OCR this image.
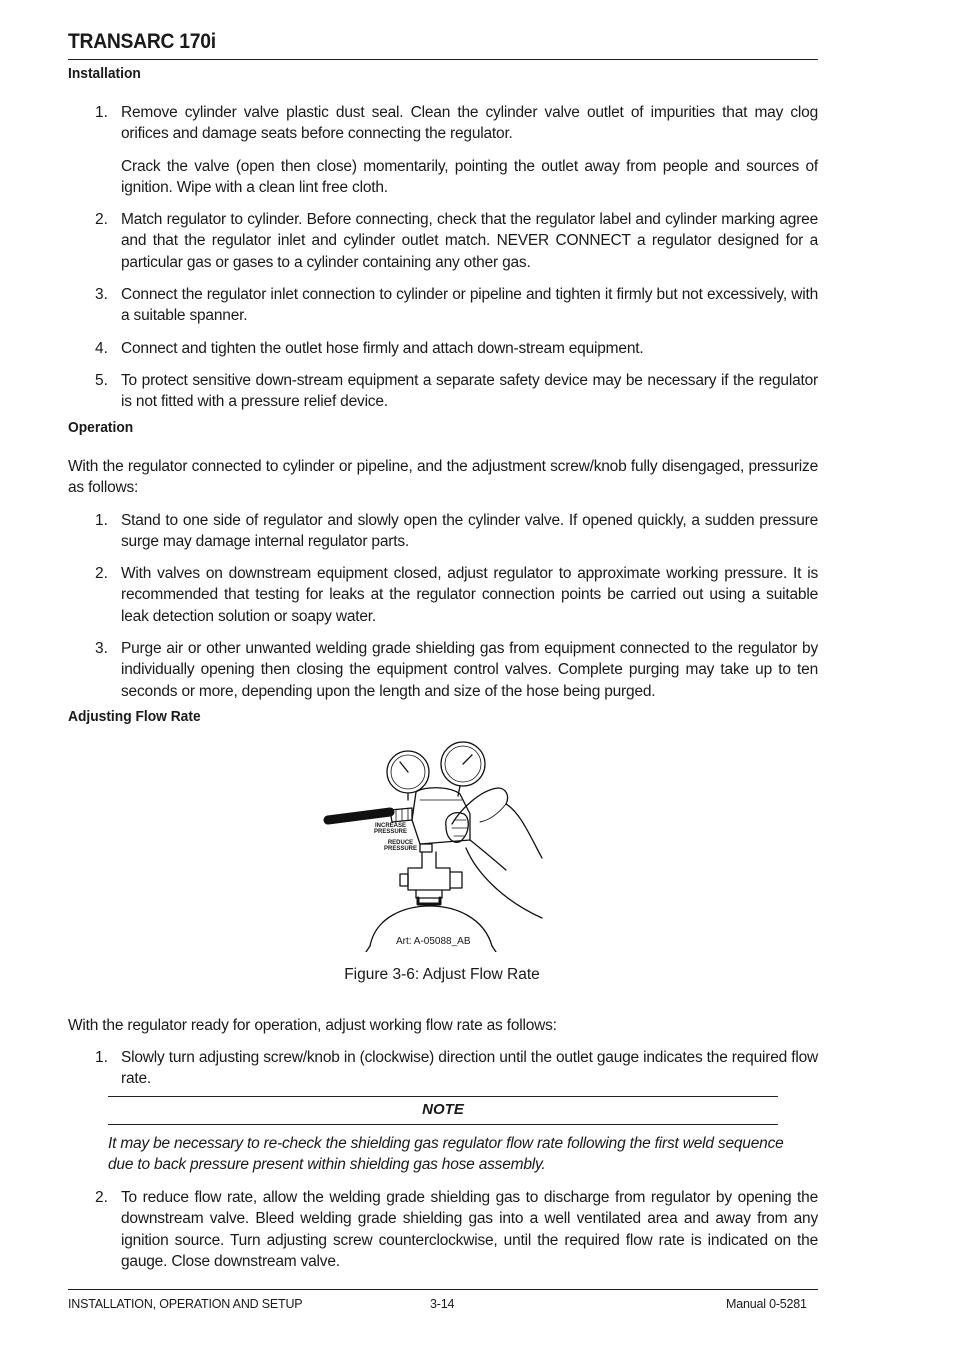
TRANSARC 170i
Installation
1. Remove cylinder valve plastic dust seal. Clean the cylinder valve outlet of impurities that may clog orifices and damage seats before connecting the regulator.
Crack the valve (open then close) momentarily, pointing the outlet away from people and sources of ignition. Wipe with a clean lint free cloth.
2. Match regulator to cylinder. Before connecting, check that the regulator label and cylinder marking agree and that the regulator inlet and cylinder outlet match. NEVER CONNECT a regulator designed for a particular gas or gases to a cylinder containing any other gas.
3. Connect the regulator inlet connection to cylinder or pipeline and tighten it firmly but not excessively, with a suitable spanner.
4. Connect and tighten the outlet hose firmly and attach down-stream equipment.
5. To protect sensitive down-stream equipment a separate safety device may be necessary if the regulator is not fitted with a pressure relief device.
Operation
With the regulator connected to cylinder or pipeline, and the adjustment screw/knob fully disengaged, pressurize as follows:
1. Stand to one side of regulator and slowly open the cylinder valve. If opened quickly, a sudden pressure surge may damage internal regulator parts.
2. With valves on downstream equipment closed, adjust regulator to approximate working pressure. It is recommended that testing for leaks at the regulator connection points be carried out using a suitable leak detection solution or soapy water.
3. Purge air or other unwanted welding grade shielding gas from equipment connected to the regulator by individually opening then closing the equipment control valves. Complete purging may take up to ten seconds or more, depending upon the length and size of the hose being purged.
Adjusting Flow Rate
INCREASE
PRESSURE
REDUCE
PRESSURE
Art: A-05088_AB
Figure 3-6: Adjust Flow Rate
With the regulator ready for operation, adjust working flow rate as follows:
1. Slowly turn adjusting screw/knob in (clockwise) direction until the outlet gauge indicates the required flow rate.
NOTE
It may be necessary to re-check the shielding gas regulator flow rate following the first weld sequence due to back pressure present within shielding gas hose assembly.
2. To reduce flow rate, allow the welding grade shielding gas to discharge from regulator by opening the downstream valve. Bleed welding grade shielding gas into a well ventilated area and away from any ignition source. Turn adjusting screw counterclockwise, until the required flow rate is indicated on the gauge. Close downstream valve.
INSTALLATION, OPERATION AND SETUP	3-14	Manual 0-5281
